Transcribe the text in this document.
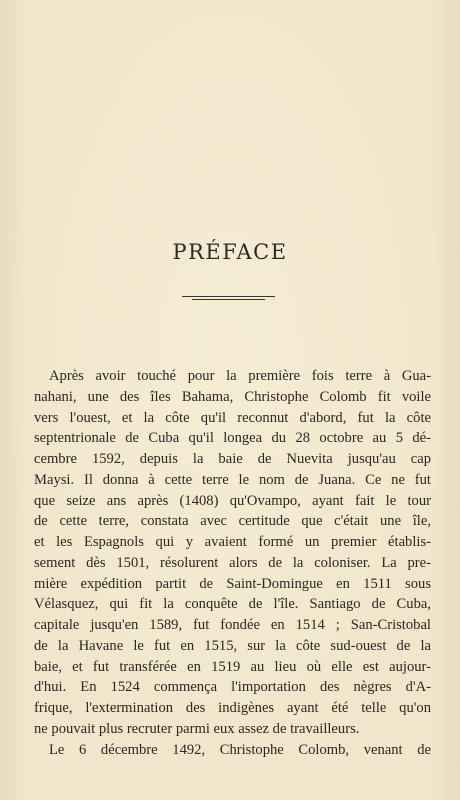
PRÉFACE
Après avoir touché pour la première fois terre à Gua-
nahani, une des îles Bahama, Christophe Colomb fit voile
vers l'ouest, et la côte qu'il reconnut d'abord, fut la côte
septentrionale de Cuba qu'il longea du 28 octobre au 5 dé-
cembre 1592, depuis la baie de Nuevita jusqu'au cap
Maysi. Il donna à cette terre le nom de Juana. Ce ne fut
que seize ans après (1408) qu'Ovampo, ayant fait le tour
de cette terre, constata avec certitude que c'était une île,
et les Espagnols qui y avaient formé un premier établis-
sement dès 1501, résolurent alors de la coloniser. La pre-
mière expédition partit de Saint-Domingue en 1511 sous
Vélasquez, qui fit la conquête de l'île. Santiago de Cuba,
capitale jusqu'en 1589, fut fondée en 1514 ; San-Cristobal
de la Havane le fut en 1515, sur la côte sud-ouest de la
baie, et fut transférée en 1519 au lieu où elle est aujour-
d'hui. En 1524 commença l'importation des nègres d'A-
frique, l'extermination des indigènes ayant été telle qu'on
ne pouvait plus recruter parmi eux assez de travailleurs.
Le 6 décembre 1492, Christophe Colomb, venant de
